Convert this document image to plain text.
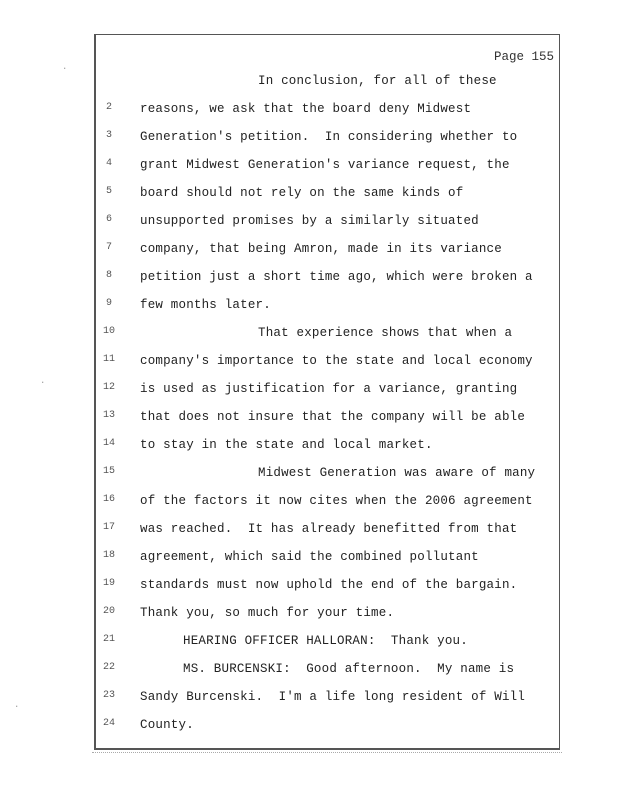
Page 155
·
·
·
In conclusion, for all of these
2	reasons, we ask that the board deny Midwest
3	Generation's petition.  In considering whether to
4	grant Midwest Generation's variance request, the
5	board should not rely on the same kinds of
6	unsupported promises by a similarly situated
7	company, that being Amron, made in its variance
8	petition just a short time ago, which were broken a
9	few months later.
10	That experience shows that when a
11	company's importance to the state and local economy
12	is used as justification for a variance, granting
13	that does not insure that the company will be able
14	to stay in the state and local market.
15	Midwest Generation was aware of many
16	of the factors it now cites when the 2006 agreement
17	was reached.  It has already benefitted from that
18	agreement, which said the combined pollutant
19	standards must now uphold the end of the bargain.
20	Thank you, so much for your time.
21	HEARING OFFICER HALLORAN:  Thank you.
22	MS. BURCENSKI:  Good afternoon.  My name is
23	Sandy Burcenski.  I'm a life long resident of Will
24	County.
